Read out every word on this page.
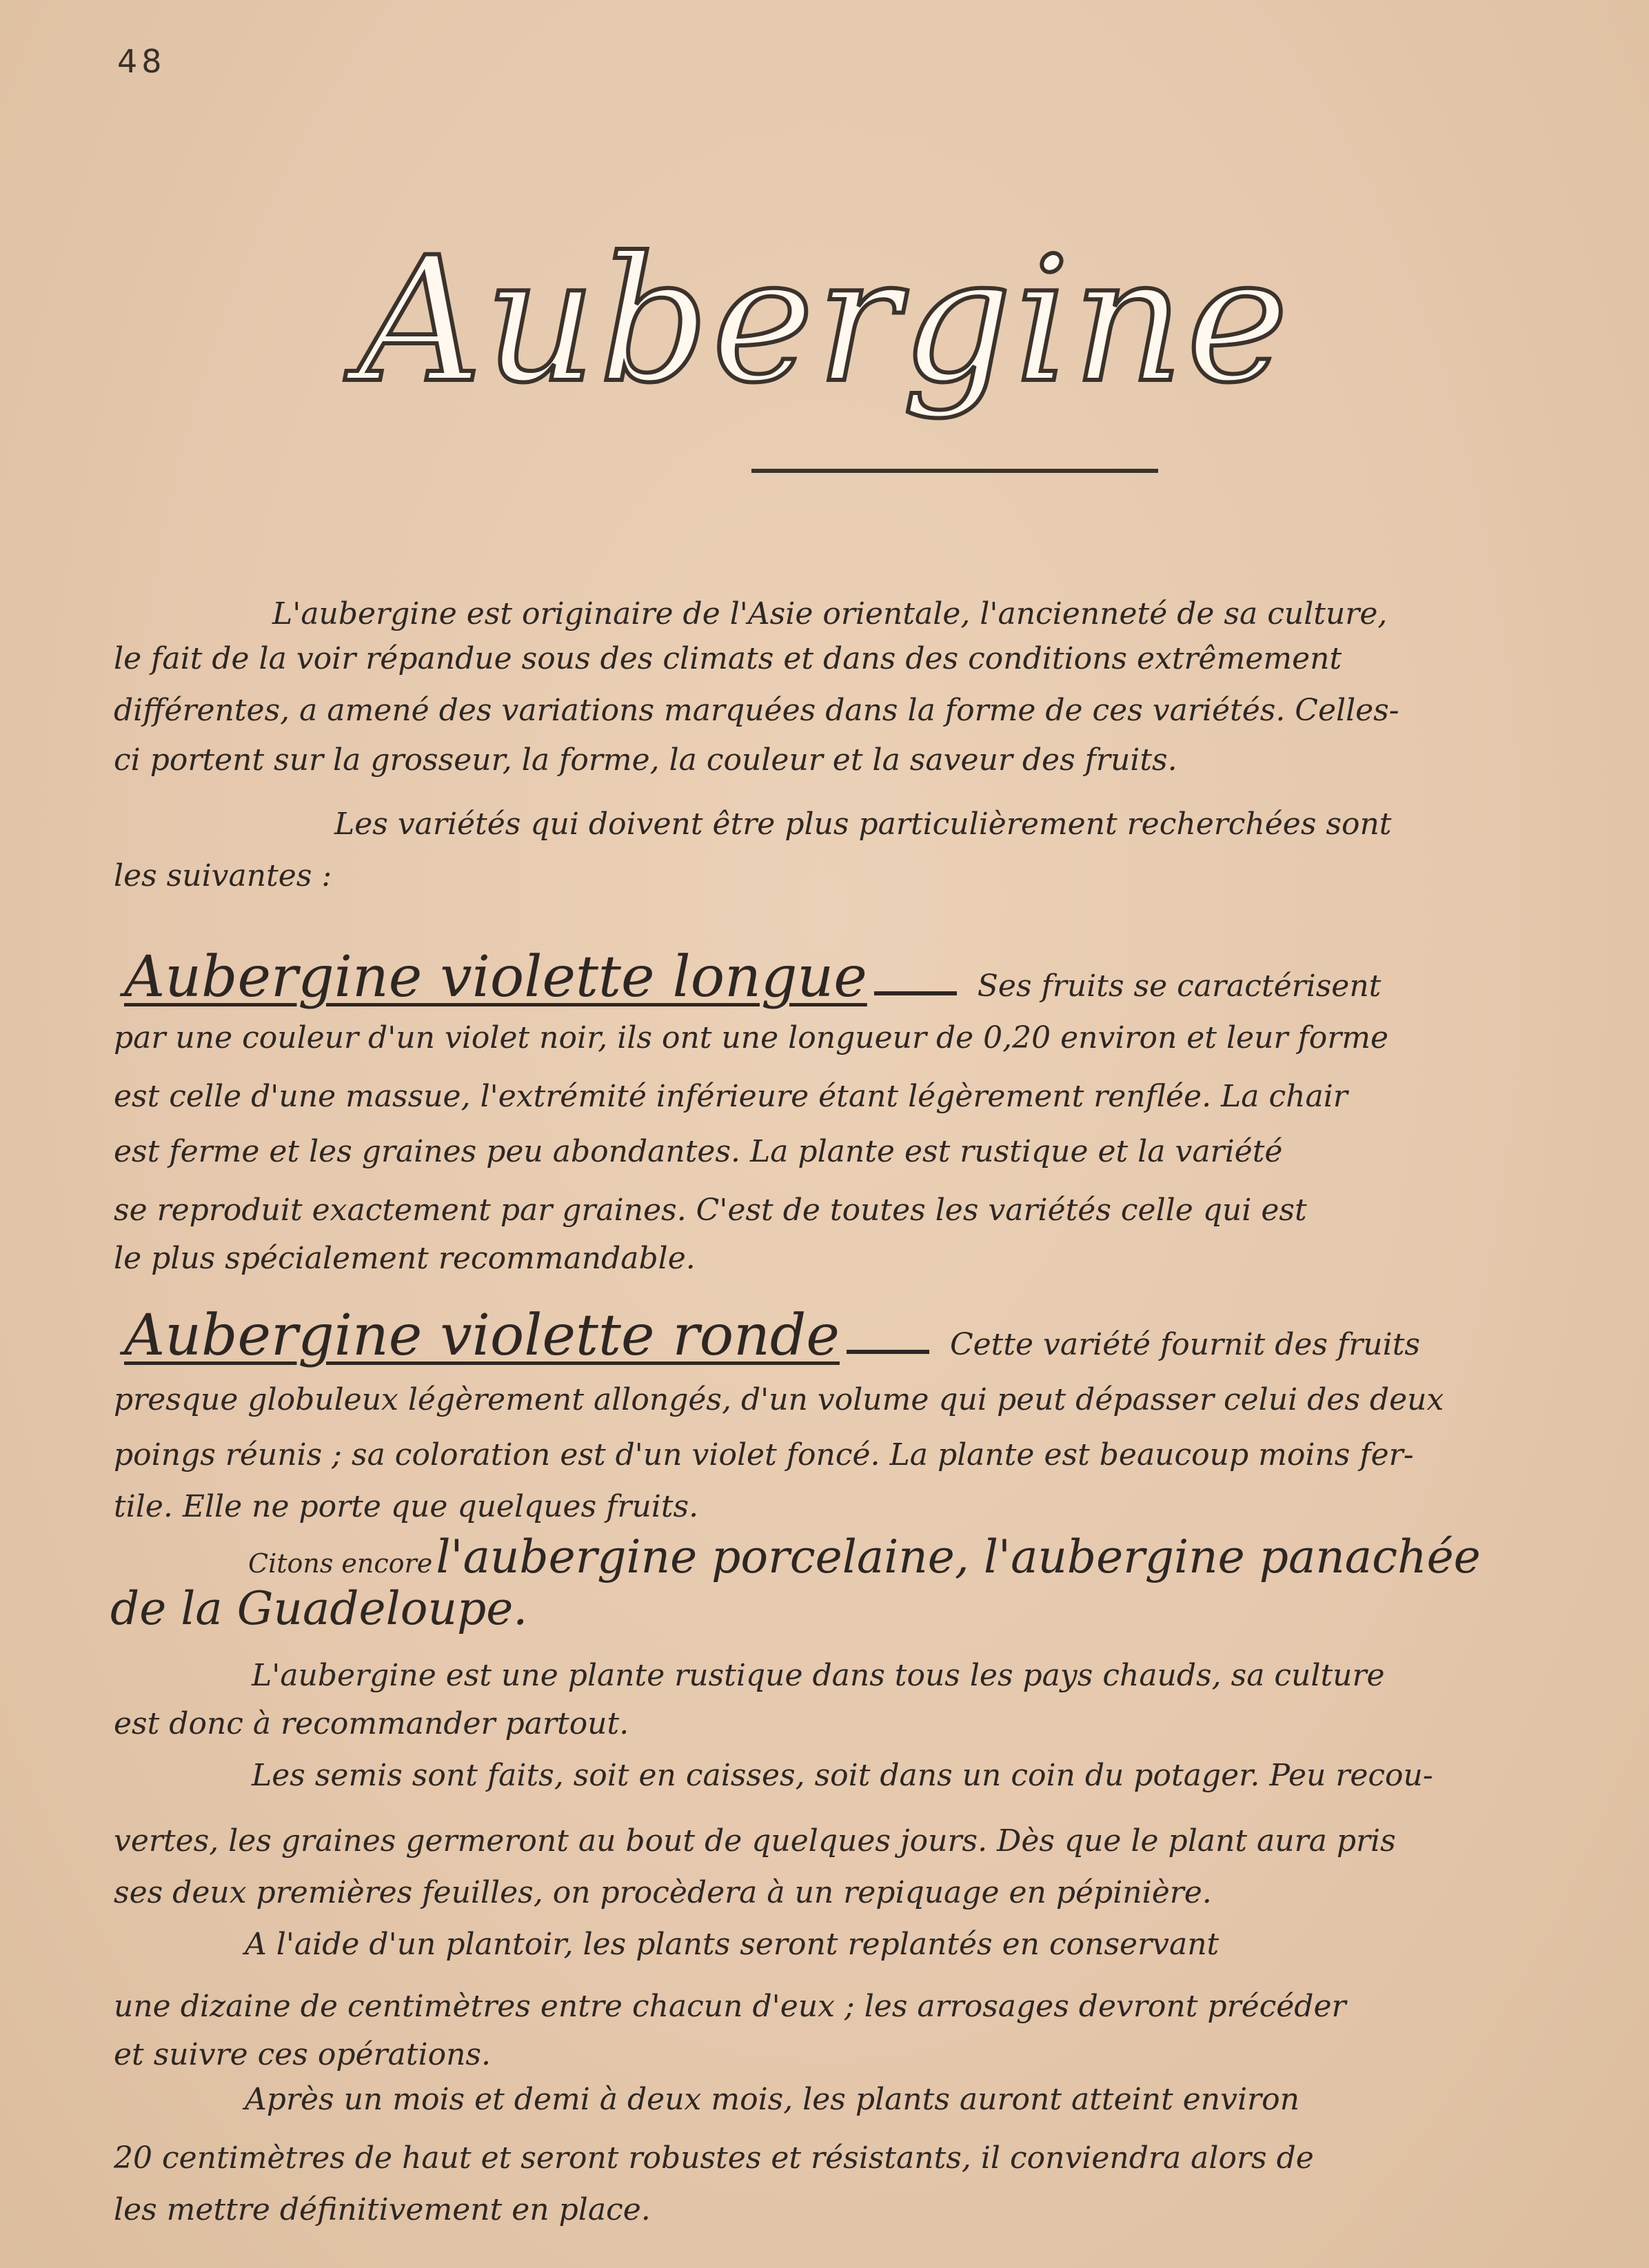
48
Aubergine
L'aubergine est originaire de l'Asie orientale, l'ancienneté de sa culture,
le fait de la voir répandue sous des climats et dans des conditions extrêmement
différentes, a amené des variations marquées dans la forme de ces variétés. Celles-
ci portent sur la grosseur, la forme, la couleur et la saveur des fruits.
Les variétés qui doivent être plus particulièrement recherchées sont
les suivantes :
Aubergine violette longue	Ses fruits se caractérisent
par une couleur d'un violet noir, ils ont une longueur de 0,20 environ et leur forme
est celle d'une massue, l'extrémité inférieure étant légèrement renflée. La chair
est ferme et les graines peu abondantes. La plante est rustique et la variété
se reproduit exactement par graines. C'est de toutes les variétés celle qui est
le plus spécialement recommandable.
Aubergine violette ronde	Cette variété fournit des fruits
presque globuleux légèrement allongés, d'un volume qui peut dépasser celui des deux
poings réunis ; sa coloration est d'un violet foncé. La plante est beaucoup moins fer-
tile. Elle ne porte que quelques fruits.
Citons encore l'aubergine porcelaine, l'aubergine panachée
de la Guadeloupe.
L'aubergine est une plante rustique dans tous les pays chauds, sa culture
est donc à recommander partout.
Les semis sont faits, soit en caisses, soit dans un coin du potager. Peu recou-
vertes, les graines germeront au bout de quelques jours. Dès que le plant aura pris
ses deux premières feuilles, on procèdera à un repiquage en pépinière.
A l'aide d'un plantoir, les plants seront replantés en conservant
une dizaine de centimètres entre chacun d'eux ; les arrosages devront précéder
et suivre ces opérations.
Après un mois et demi à deux mois, les plants auront atteint environ
20 centimètres de haut et seront robustes et résistants, il conviendra alors de
les mettre définitivement en place.
